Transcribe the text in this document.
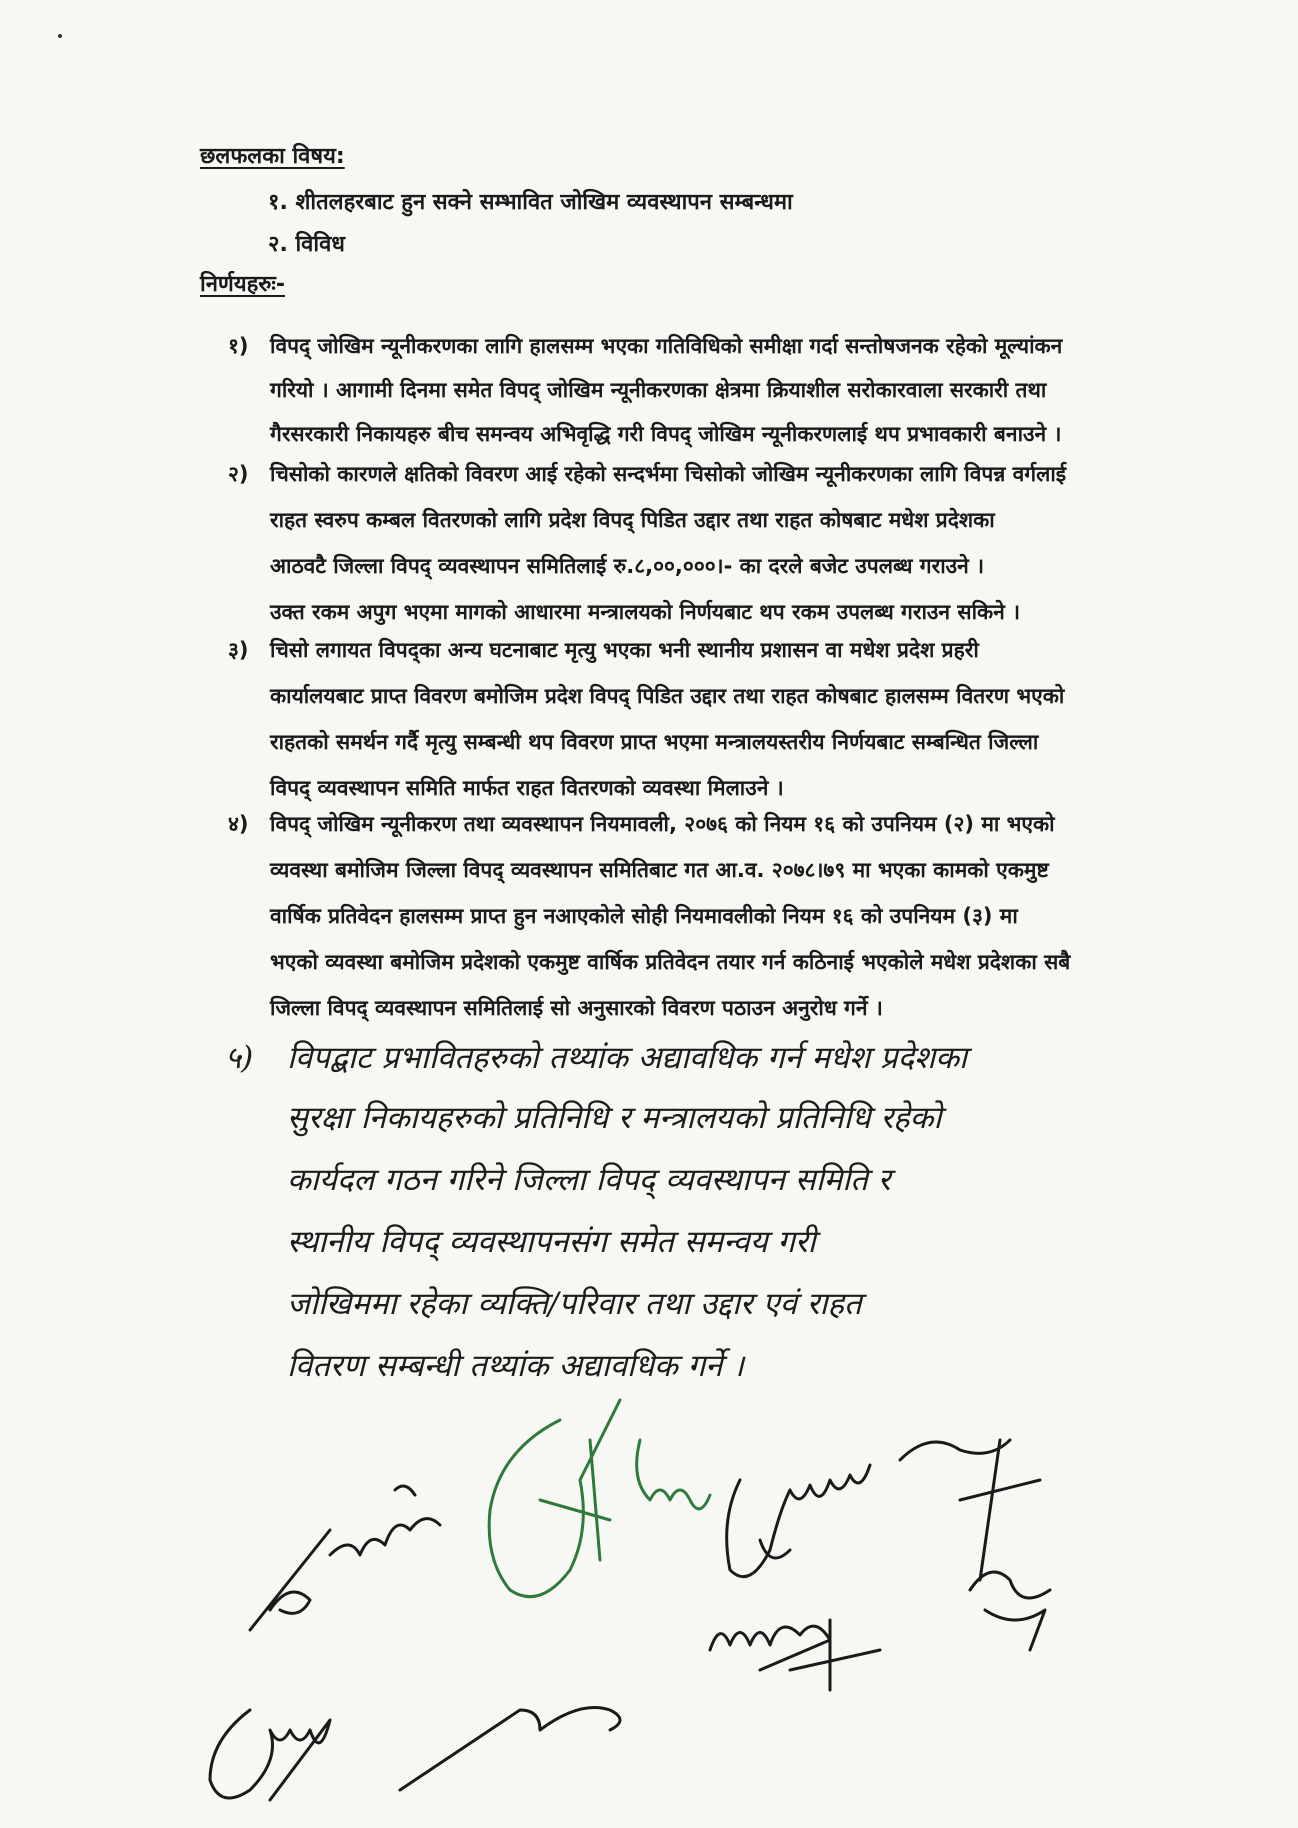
छलफलका विषय:
१. शीतलहरबाट हुन सक्ने सम्भावित जोखिम व्यवस्थापन सम्बन्धमा
२. विविध
निर्णयहरुः-
१) विपद् जोखिम न्यूनीकरणका लागि हालसम्म भएका गतिविधिको समीक्षा गर्दा सन्तोषजनक रहेको मूल्यांकन
गरियो । आगामी दिनमा समेत विपद् जोखिम न्यूनीकरणका क्षेत्रमा क्रियाशील सरोकारवाला सरकारी तथा
गैरसरकारी निकायहरु बीच समन्वय अभिवृद्धि गरी विपद् जोखिम न्यूनीकरणलाई थप प्रभावकारी बनाउने ।
२) चिसोको कारणले क्षतिको विवरण आई रहेको सन्दर्भमा चिसोको जोखिम न्यूनीकरणका लागि विपन्न वर्गलाई
राहत स्वरुप कम्बल वितरणको लागि प्रदेश विपद् पिडित उद्दार तथा राहत कोषबाट मधेश प्रदेशका
आठवटै जिल्ला विपद् व्यवस्थापन समितिलाई रु.८,००,०००।- का दरले बजेट उपलब्ध गराउने ।
उक्त रकम अपुग भएमा मागको आधारमा मन्त्रालयको निर्णयबाट थप रकम उपलब्ध गराउन सकिने ।
३) चिसो लगायत विपद्का अन्य घटनाबाट मृत्यु भएका भनी स्थानीय प्रशासन वा मधेश प्रदेश प्रहरी
कार्यालयबाट प्राप्त विवरण बमोजिम प्रदेश विपद् पिडित उद्दार तथा राहत कोषबाट हालसम्म वितरण भएको
राहतको समर्थन गर्दै मृत्यु सम्बन्धी थप विवरण प्राप्त भएमा मन्त्रालयस्तरीय निर्णयबाट सम्बन्धित जिल्ला
विपद् व्यवस्थापन समिति मार्फत राहत वितरणको व्यवस्था मिलाउने ।
४) विपद् जोखिम न्यूनीकरण तथा व्यवस्थापन नियमावली, २०७६ को नियम १६ को उपनियम (२) मा भएको
व्यवस्था बमोजिम जिल्ला विपद् व्यवस्थापन समितिबाट गत आ.व. २०७८।७९ मा भएका कामको एकमुष्ट
वार्षिक प्रतिवेदन हालसम्म प्राप्त हुन नआएकोले सोही नियमावलीको नियम १६ को उपनियम (३) मा
भएको व्यवस्था बमोजिम प्रदेशको एकमुष्ट वार्षिक प्रतिवेदन तयार गर्न कठिनाई भएकोले मधेश प्रदेशका सबै
जिल्ला विपद् व्यवस्थापन समितिलाई सो अनुसारको विवरण पठाउन अनुरोध गर्ने ।
५) विपद्बाट प्रभावितहरुको तथ्यांक अद्यावधिक गर्न मधेश प्रदेशका
सुरक्षा निकायहरुको प्रतिनिधि र मन्त्रालयको प्रतिनिधि रहेको
कार्यदल गठन गरिने जिल्ला विपद् व्यवस्थापन समिति र
स्थानीय विपद् व्यवस्थापनसंग समेत समन्वय गरी
जोखिममा रहेका व्यक्ति/परिवार तथा उद्दार एवं राहत
वितरण सम्बन्धी तथ्यांक अद्यावधिक गर्ने ।
